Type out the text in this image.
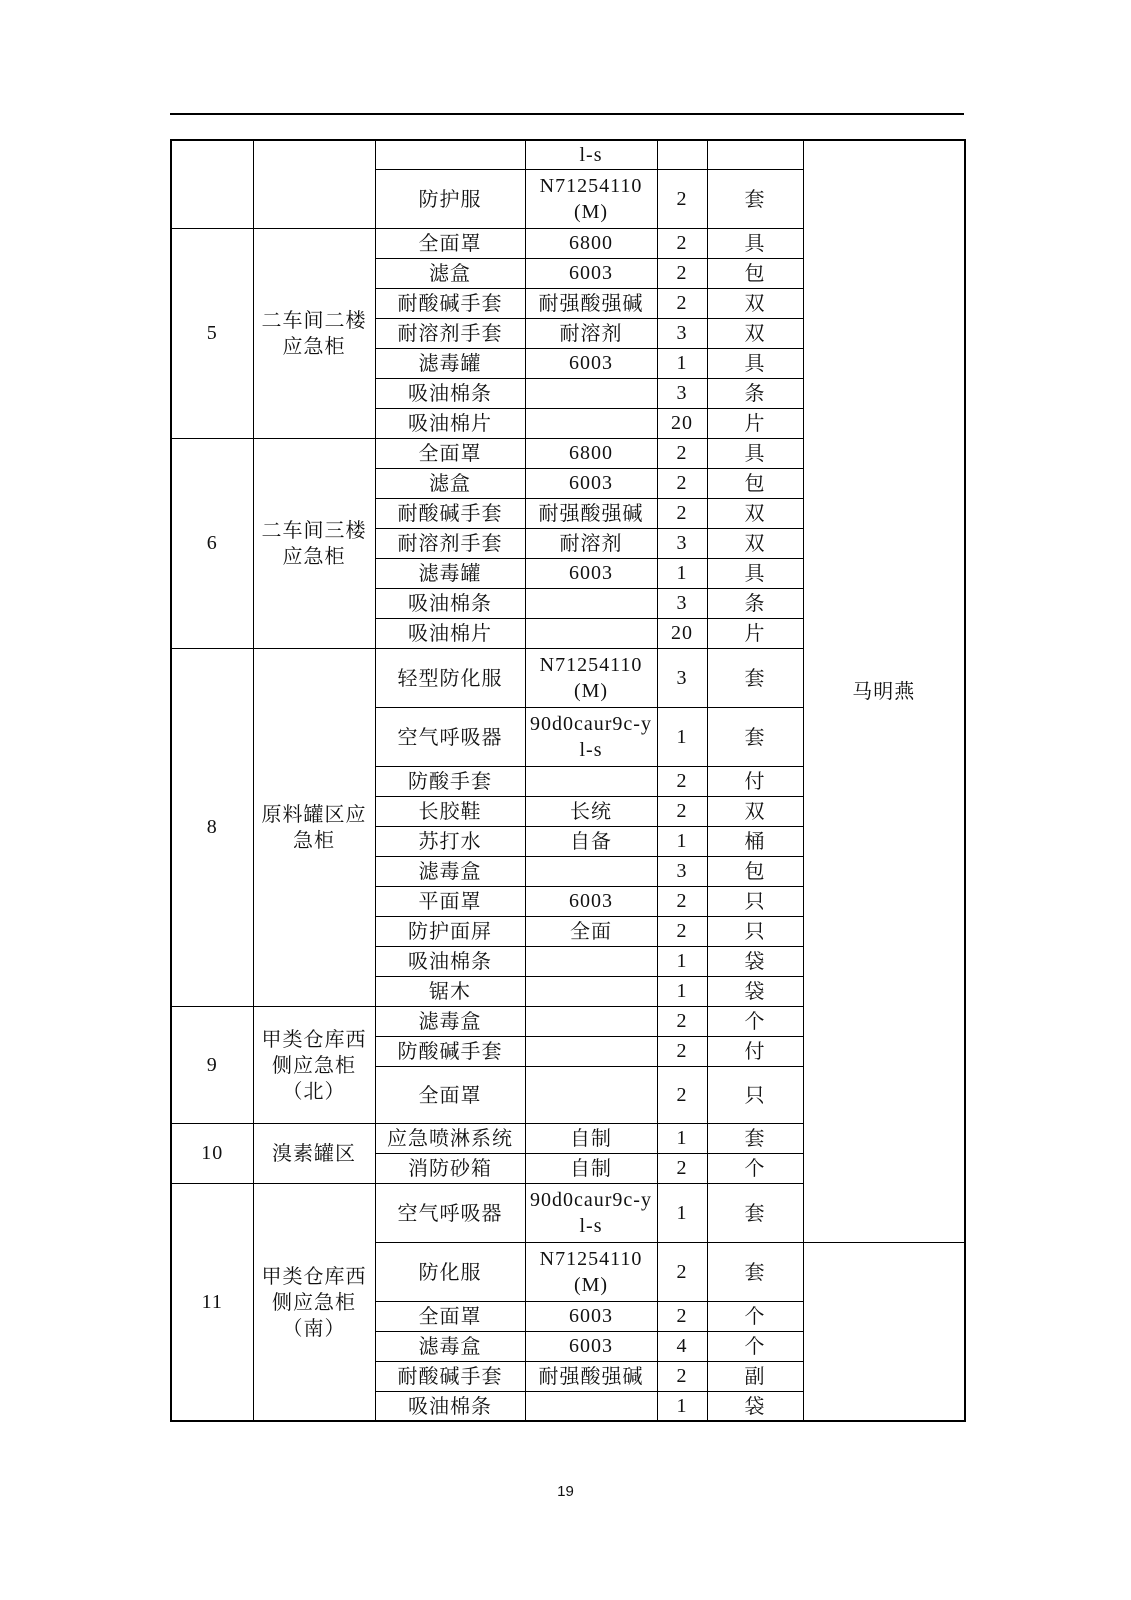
			l-s			马明燕
		防护服	N71254110(M)	2	套	
5	二车间二楼应急柜	全面罩	6800	2	具	
		滤盒	6003	2	包	
		耐酸碱手套	耐强酸强碱	2	双	
		耐溶剂手套	耐溶剂	3	双	
		滤毒罐	6003	1	具	
		吸油棉条		3	条	
		吸油棉片		20	片	
6	二车间三楼应急柜	全面罩	6800	2	具	
		滤盒	6003	2	包	
		耐酸碱手套	耐强酸强碱	2	双	
		耐溶剂手套	耐溶剂	3	双	
		滤毒罐	6003	1	具	
		吸油棉条		3	条	
		吸油棉片		20	片	
8	原料罐区应急柜	轻型防化服	N71254110(M)	3	套	
		空气呼吸器	90d0caur9c-yl-s	1	套	
		防酸手套		2	付	
		长胶鞋	长统	2	双	
		苏打水	自备	1	桶	
		滤毒盒		3	包	
		平面罩	6003	2	只	
		防护面屏	全面	2	只	
		吸油棉条		1	袋	
		锯木		1	袋	
9	甲类仓库西侧应急柜（北）	滤毒盒		2	个	
		防酸碱手套		2	付	
		全面罩		2	只	
10	溴素罐区	应急喷淋系统	自制	1	套	
		消防砂箱	自制	2	个	
11	甲类仓库西侧应急柜（南）	空气呼吸器	90d0caur9c-yl-s	1	套	
		防化服	N71254110(M)	2	套	
		全面罩	6003	2	个	
		滤毒盒	6003	4	个	
		耐酸碱手套	耐强酸强碱	2	副	
		吸油棉条		1	袋	
19
